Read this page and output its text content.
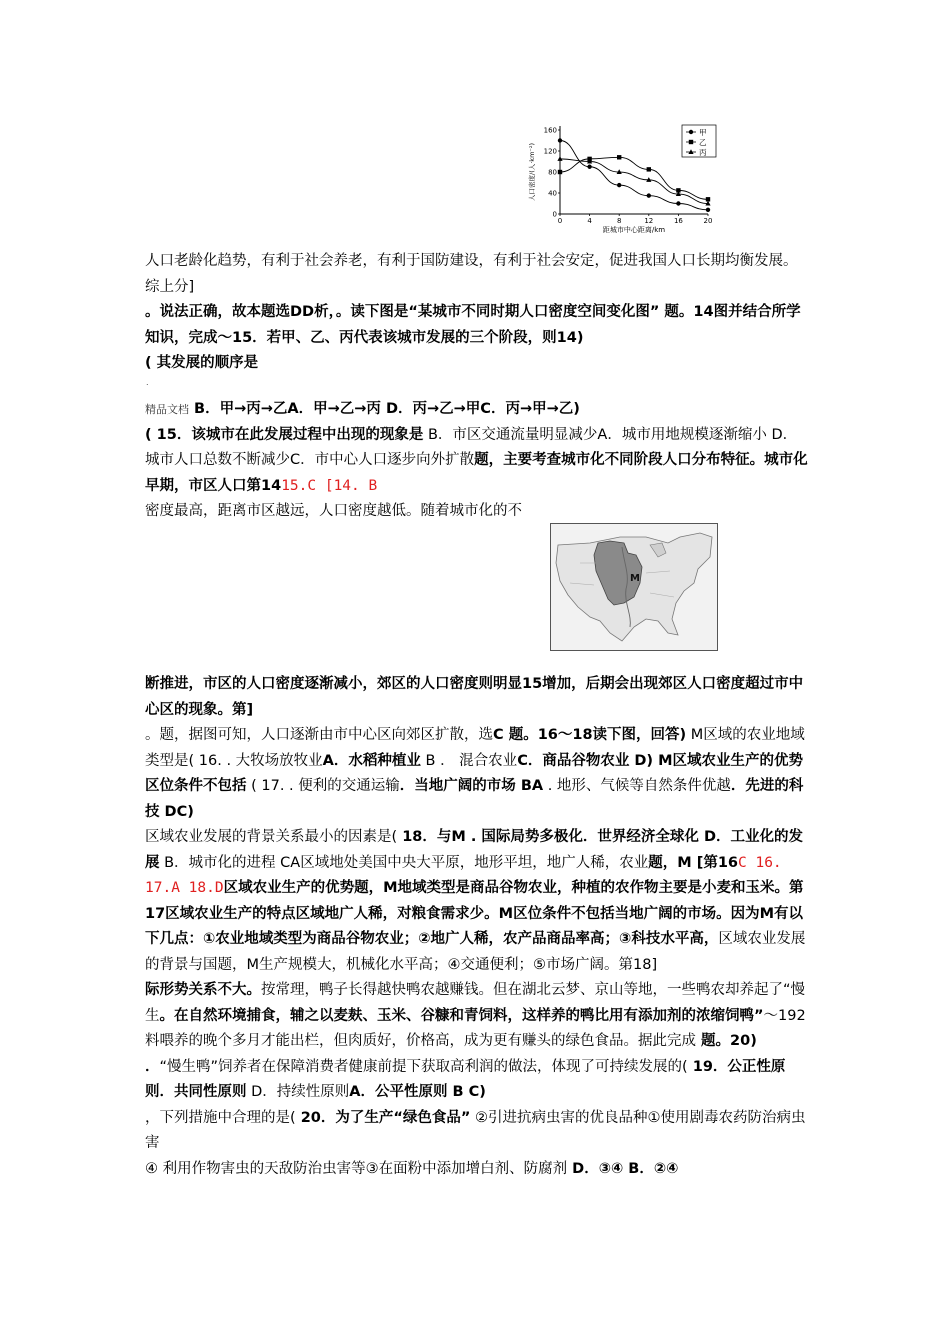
0	4	8	12	16	20
0
40
80
120
160
距城市中心距离/km
人口密度/(人·km⁻²)
甲
乙
丙
M

人口老龄化趋势，有利于社会养老，有利于国防建设，有利于社会安定，促进我国人口长期均衡发展。综上分]

。说法正确，故本题选DD析，。读下图是“某城市不同时期人口密度空间变化图” 题。14图并结合所学知识，完成～15．若甲、乙、丙代表该城市发展的三个阶段，则14)
( 其发展的顺序是

.

精品文档 B．甲→丙→乙A．甲→乙→丙 D．丙→乙→甲C．丙→甲→乙)
( 15．该城市在此发展过程中出现的现象是 B．市区交通流量明显减少A．城市用地规模逐渐缩小 D．城市人口总数不断减少C．市中心人口逐步向外扩散题，主要考查城市化不同阶段人口分布特征。城市化早期，市区人口第1415.C [14. B
密度最高，距离市区越远，人口密度越低。随着城市化的不

断推进，市区的人口密度逐渐减小，郊区的人口密度则明显15增加，后期会出现郊区人口密度超过市中心区的现象。第]
。题，据图可知，人口逐渐由市中心区向郊区扩散，选C 题。16～18读下图，回答) M区域的农业地域类型是( 16. . 大牧场放牧业A．水稻种植业 B ． 混合农业C．商品谷物农业 D) M区域农业生产的优势区位条件不包括 ( 17. . 便利的交通运输．当地广阔的市场 BA . 地形、气候等自然条件优越．先进的科技 DC)
区域农业发展的背景关系最小的因素是( 18．与M . 国际局势多极化．世界经济全球化 D．工业化的发展 B．城市化的进程 CA区域地处美国中央大平原，地形平坦，地广人稀，农业题，M [第16C 16. 17.A 18.D区域农业生产的优势题，M地域类型是商品谷物农业，种植的农作物主要是小麦和玉米。第17区域农业生产的特点区域地广人稀，对粮食需求少。M区位条件不包括当地广阔的市场。因为M有以下几点：①农业地域类型为商品谷物农业；②地广人稀，农产品商品率高；③科技水平高，区域农业发展的背景与国题，M生产规模大，机械化水平高；④交通便利；⑤市场广阔。第18]
际形势关系不大。按常理，鸭子长得越快鸭农越赚钱。但在湖北云梦、京山等地，一些鸭农却养起了“慢生。在自然环境捕食，辅之以麦麸、玉米、谷糠和青饲料，这样养的鸭比用有添加剂的浓缩饲鸭”～192料喂养的晚个多月才能出栏，但肉质好，价格高，成为更有赚头的绿色食品。据此完成 题。20)
．“慢生鸭”饲养者在保障消费者健康前提下获取高利润的做法，体现了可持续发展的( 19．公正性原则．共同性原则 D．持续性原则A．公平性原则 B C)
，下列措施中合理的是( 20．为了生产“绿色食品” ②引进抗病虫害的优良品种①使用剧毒农药防治病虫害
④ 利用作物害虫的天敌防治虫害等③在面粉中添加增白剂、防腐剂 D．③④ B．②④
